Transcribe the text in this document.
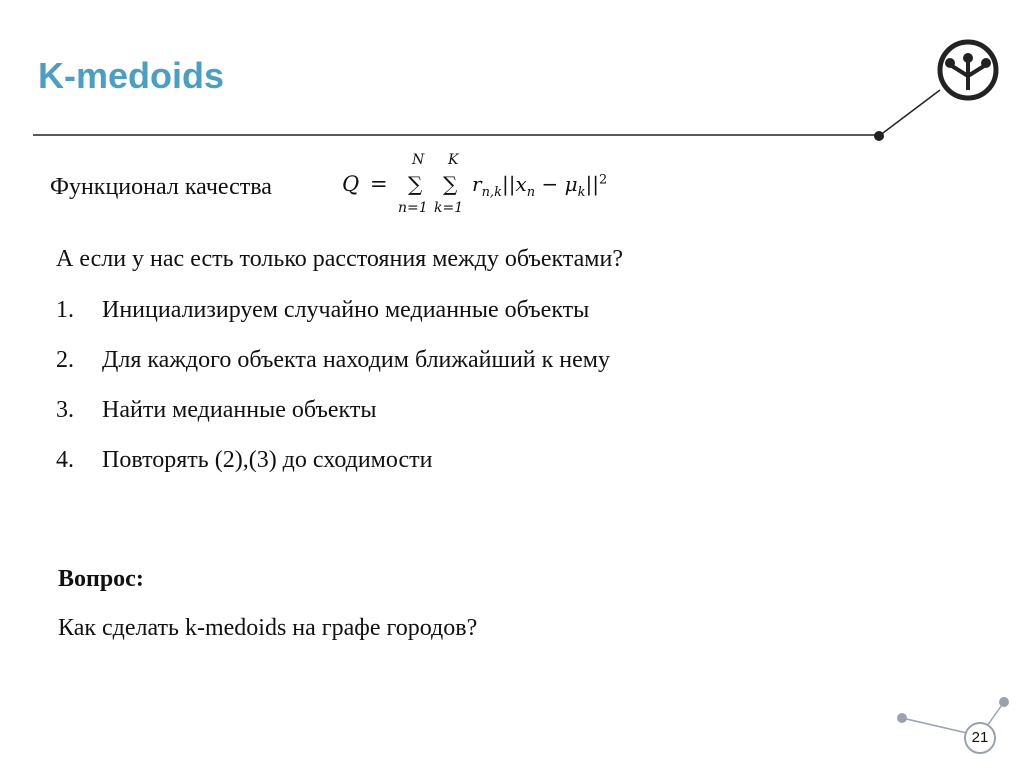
K-medoids
Функционал качества	Q =
N
∑
n=1
K
∑
k=1
$r_{n,k}||x_n - \mu_k||^2$
А если у нас есть только расстояния между объектами?
1. Инициализируем случайно медианные объекты
2. Для каждого объекта находим ближайший к нему
3. Найти медианные объекты
4. Повторять (2),(3) до сходимости
Вопрос:
Как сделать k-medoids на графе городов?
21
